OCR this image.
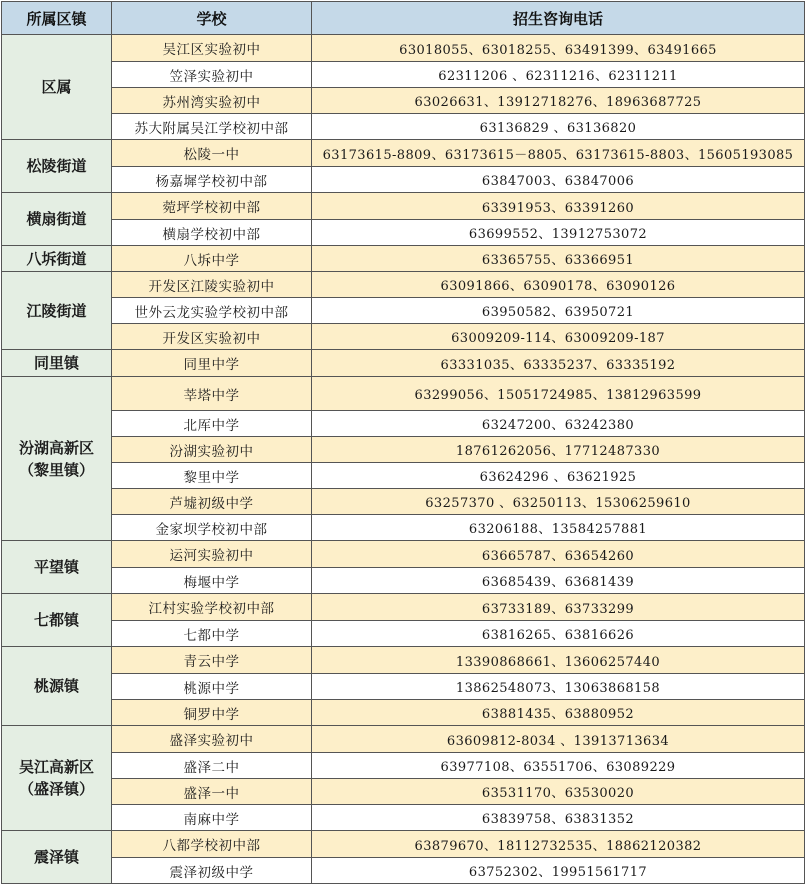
所属区镇	学校	招生咨询电话

区属	吴江区实验初中	63018055、63018255、63491399、63491665
	笠泽实验初中	62311206 、62311216、62311211
	苏州湾实验初中	63026631、13912718276、18963687725
	苏大附属吴江学校初中部	63136829 、63136820

松陵街道	松陵一中	63173615-8809、63173615－8805、63173615-8803、15605193085
	杨嘉墀学校初中部	63847003、63847006

横扇街道	菀坪学校初中部	63391953、63391260
	横扇学校初中部	63699552、13912753072

八坼街道	八坼中学	63365755、63366951

江陵街道	开发区江陵实验初中	63091866、63090178、63090126
	世外云龙实验学校初中部	63950582、63950721
	开发区实验初中	63009209-114、63009209-187

同里镇	同里中学	63331035、63335237、63335192

汾湖高新区
（黎里镇）	莘塔中学	63299056、15051724985、13812963599
	北厍中学	63247200、63242380
	汾湖实验初中	18761262056、17712487330
	黎里中学	63624296 、63621925
	芦墟初级中学	63257370 、63250113、15306259610
	金家坝学校初中部	63206188、13584257881

平望镇	运河实验初中	63665787、63654260
	梅堰中学	63685439、63681439

七都镇	江村实验学校初中部	63733189、63733299
	七都中学	63816265、63816626

桃源镇	青云中学	13390868661、13606257440
	桃源中学	13862548073、13063868158
	铜罗中学	63881435、63880952

吴江高新区
（盛泽镇）	盛泽实验初中	63609812-8034 、13913713634
	盛泽二中	63977108、63551706、63089229
	盛泽一中	63531170、63530020
	南麻中学	63839758、63831352

震泽镇	八都学校初中部	63879670、18112732535、18862120382
	震泽初级中学	63752302、19951561717
